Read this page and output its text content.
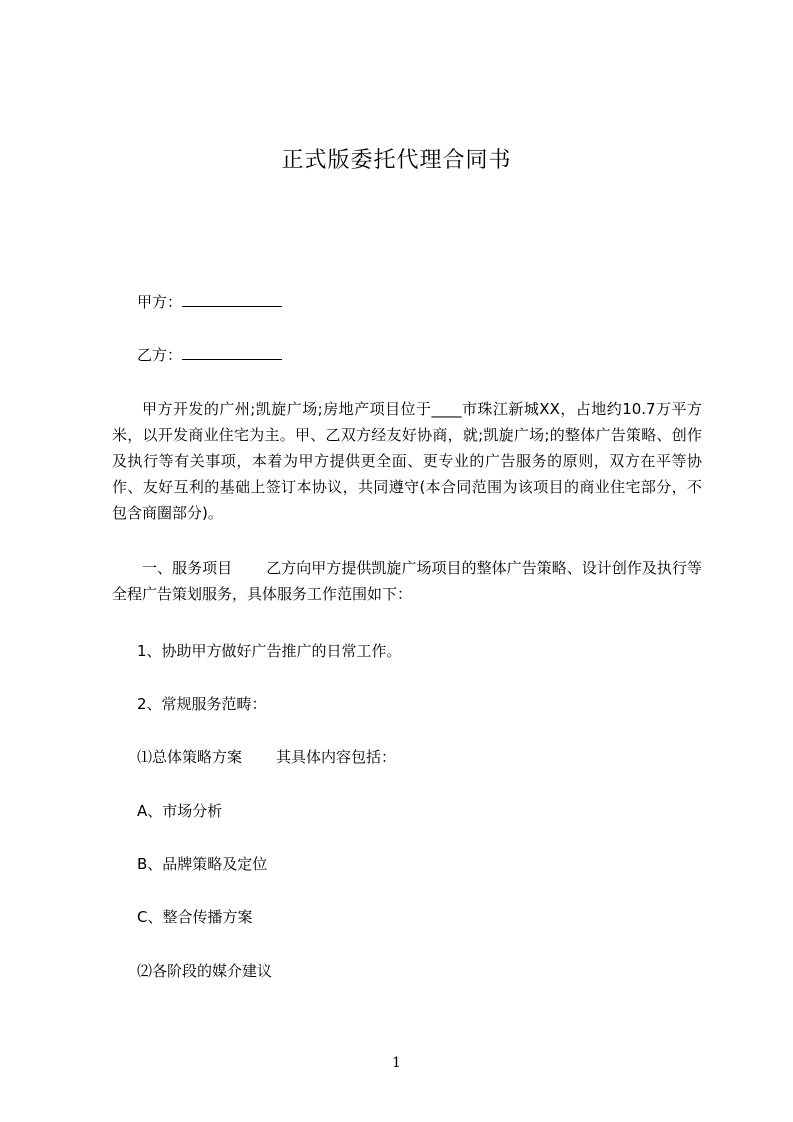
正式版委托代理合同书
甲方：
乙方：
甲方开发的广州;凯旋广场;房地产项目位于____市珠江新城XX，占地约10.7万平方米，以开发商业住宅为主。甲、乙双方经友好协商，就;凯旋广场;的整体广告策略、创作及执行等有关事项，本着为甲方提供更全面、更专业的广告服务的原则，双方在平等协作、友好互利的基础上签订本协议，共同遵守(本合同范围为该项目的商业住宅部分，不包含商圈部分)。
一、服务项目 乙方向甲方提供凯旋广场项目的整体广告策略、设计创作及执行等全程广告策划服务，具体服务工作范围如下：
1、协助甲方做好广告推广的日常工作。
2、常规服务范畴：
⑴总体策略方案 其具体内容包括：
A、市场分析
B、品牌策略及定位
C、整合传播方案
⑵各阶段的媒介建议
1
